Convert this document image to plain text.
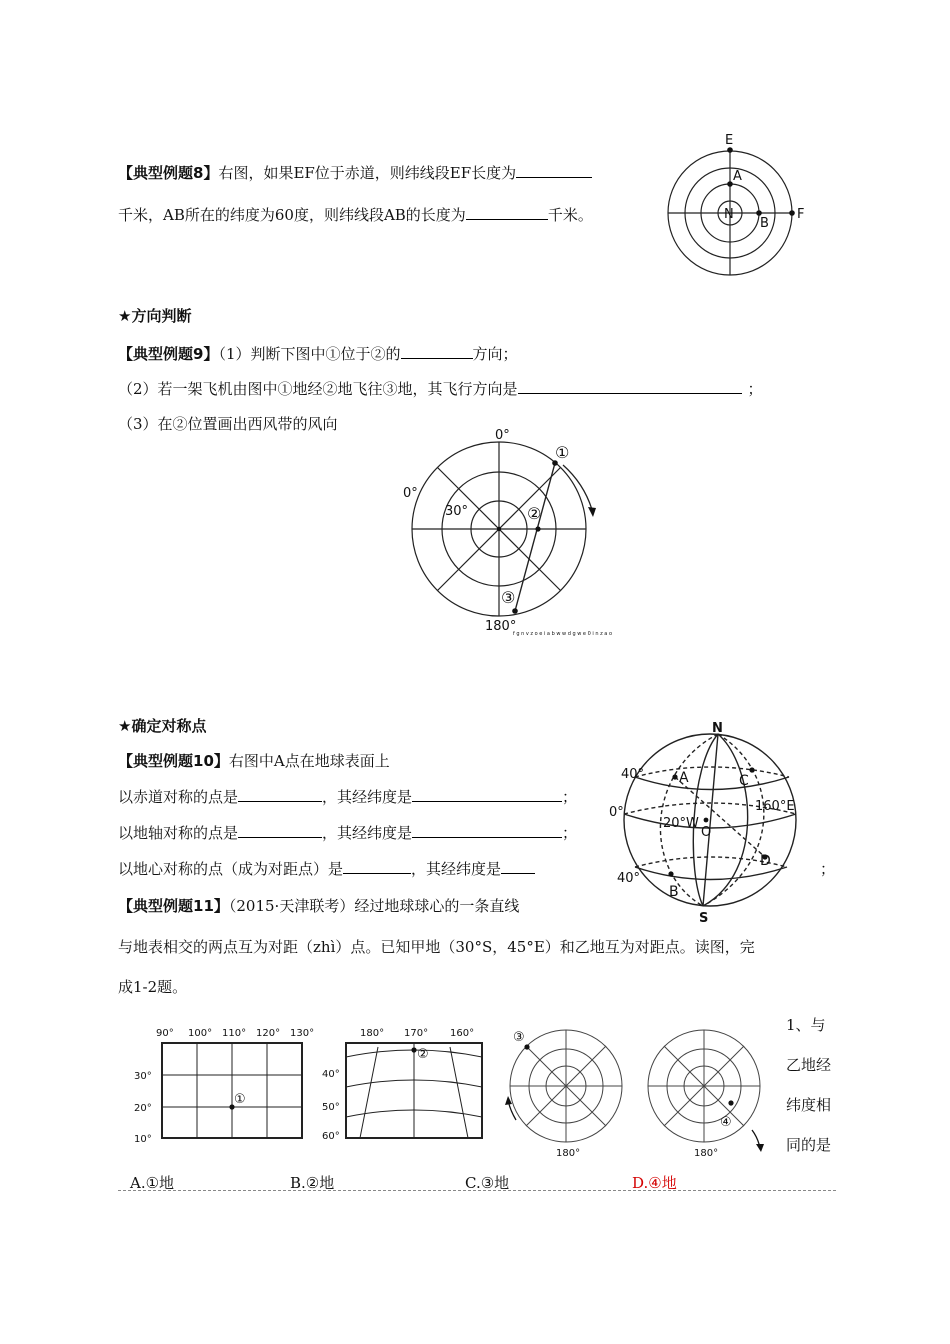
【典型例题8】右图，如果EF位于赤道，则纬线段EF长度为
千米，AB所在的纬度为60度，则纬线段AB的长度为	千米。
E
A
N
B
F
★方向判断
【典型例题9】（1）判断下图中①位于②的	方向；
（2）若一架飞机由图中①地经②地飞往③地，其飞行方向是	；
（3）在②位置画出西风带的风向
0°
0°
30°
180°
①
②
③
f g n v z o e i a b w w d g w e 0 i n z a o
★确定对称点
【典型例题10】右图中A点在地球表面上
以赤道对称的点是	，其经纬度是	；
以地轴对称的点是	，其经纬度是	；
以地心对称的点（成为对距点）是	，其经纬度是	；
N
S
A	C
O
D
B
40°
0°
40°
20°W
160°E
【典型例题11】（2015·天津联考）经过地球球心的一条直线
与地表相交的两点互为对距（zhì）点。已知甲地（30°S，45°E）和乙地互为对距点。读图，完
成1-2题。
90° 100° 110° 120° 130°
30°
20°
10°
①
180° 170° 160°
40°
50°
60°
②
③
180°
④
180°
1、与
乙地经
纬度相
同的是
A.①地	B.②地	C.③地	D.④地
